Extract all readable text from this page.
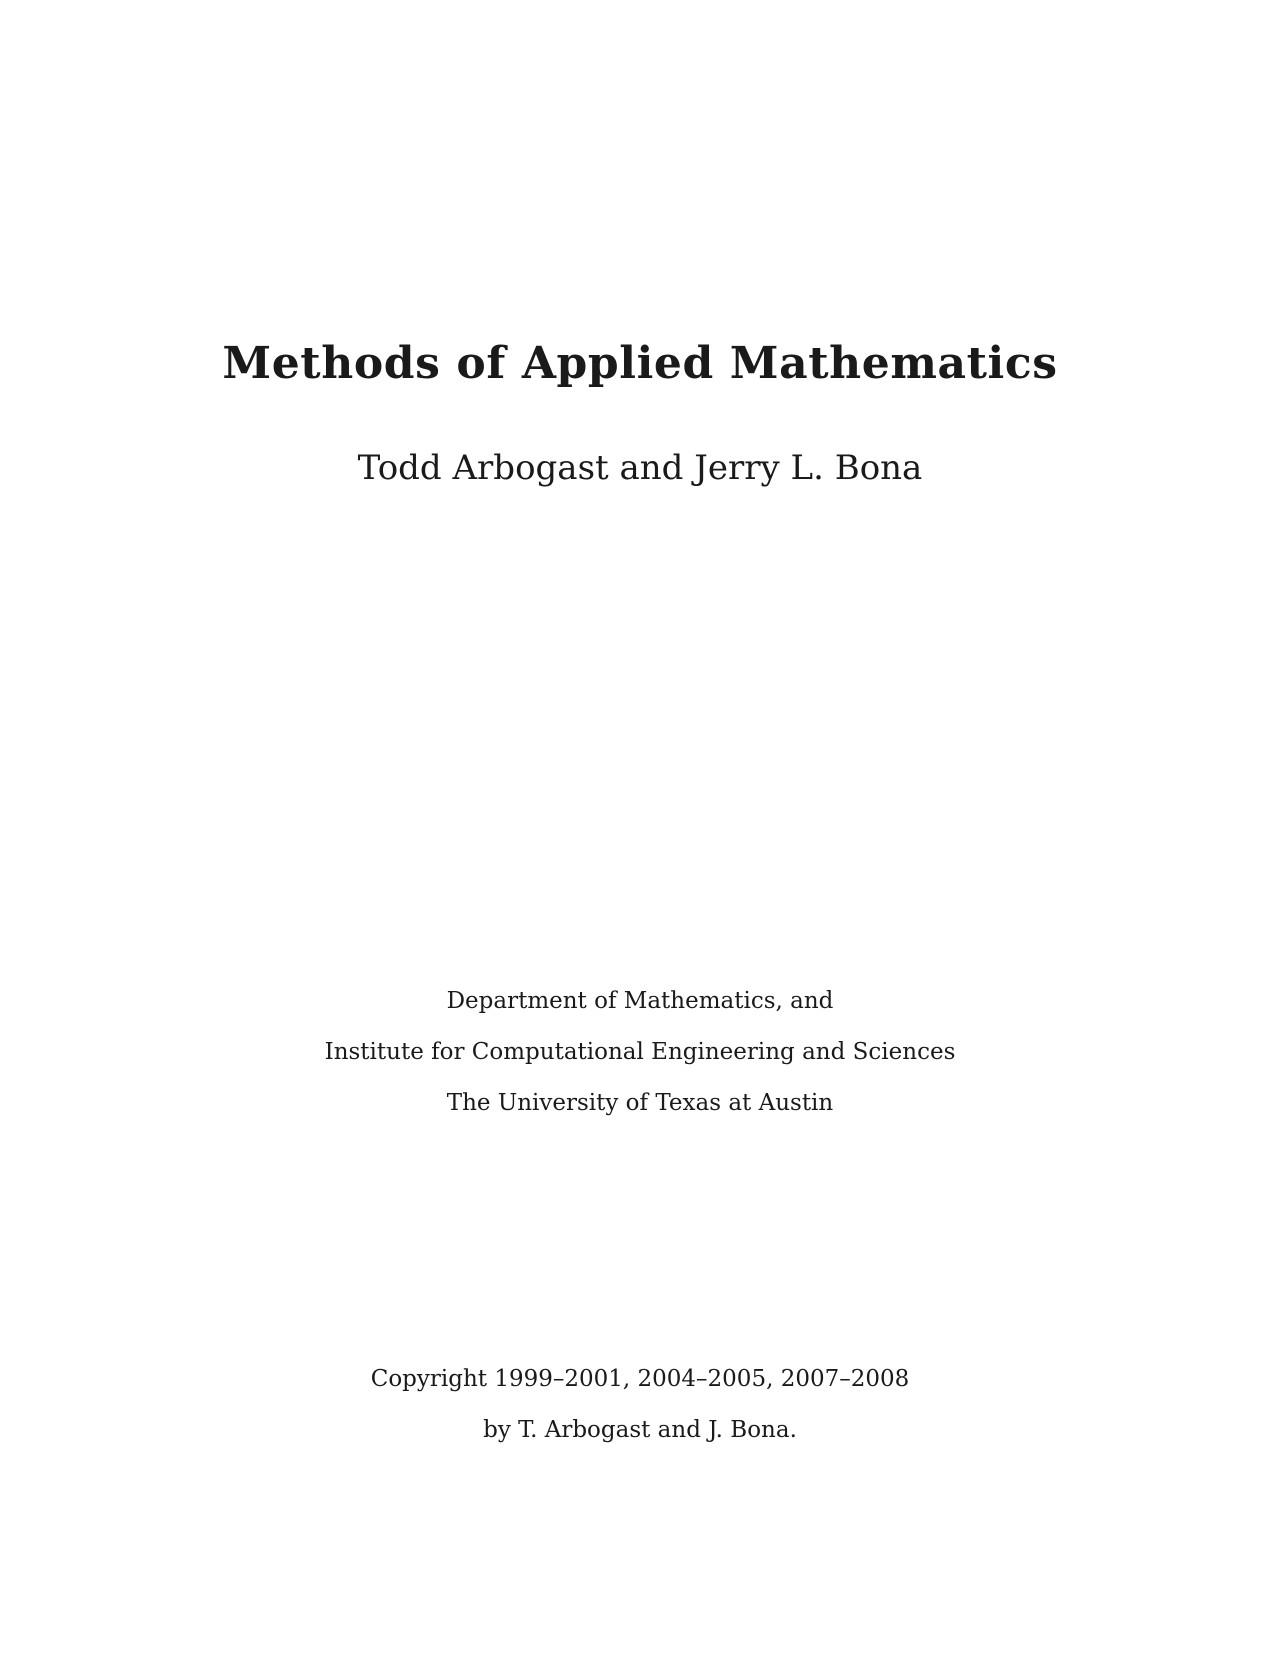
Methods of Applied Mathematics
Todd Arbogast and Jerry L. Bona
Department of Mathematics, and
Institute for Computational Engineering and Sciences
The University of Texas at Austin
Copyright 1999–2001, 2004–2005, 2007–2008
by T. Arbogast and J. Bona.
